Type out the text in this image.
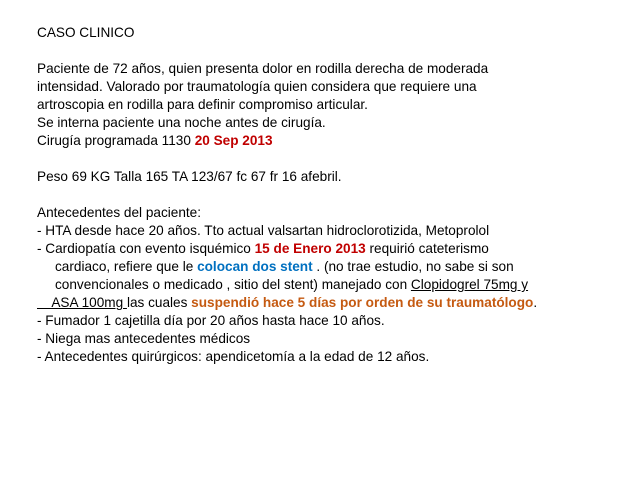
CASO CLINICO
Paciente de 72 años, quien presenta dolor en rodilla derecha de moderada
intensidad. Valorado por traumatología quien considera que requiere una
artroscopia en rodilla para definir compromiso articular.
Se interna paciente una noche antes de cirugía.
Cirugía programada 1130 20 Sep 2013
Peso 69 KG Talla 165 TA 123/67 fc 67 fr 16 afebril.
Antecedentes del paciente:
- HTA desde hace 20 años. Tto actual valsartan hidroclorotizida, Metoprolol
- Cardiopatía con evento isquémico 15 de Enero 2013 requirió cateterismo
cardiaco, refiere que le colocan dos stent . (no trae estudio, no sabe si son
convencionales o medicado , sitio del stent) manejado con Clopidogrel 75mg y
ASA 100mg las cuales suspendió hace 5 días por orden de su traumatólogo.
- Fumador 1 cajetilla día por 20 años hasta hace 10 años.
- Niega mas antecedentes médicos
- Antecedentes quirúrgicos: apendicetomía a la edad de 12 años.
